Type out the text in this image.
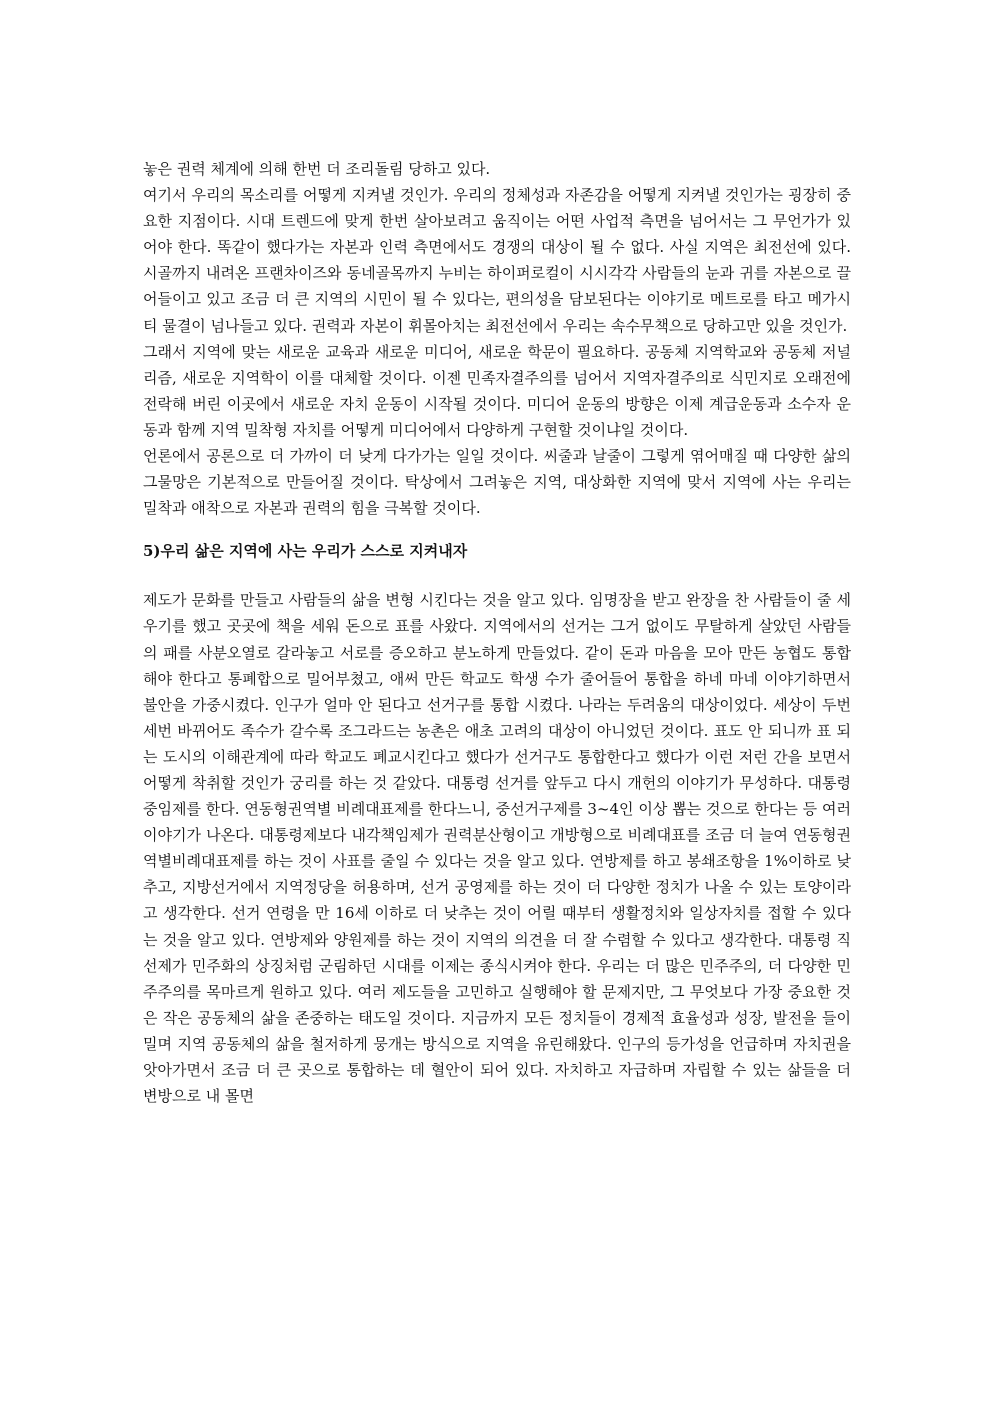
놓은 권력 체계에 의해 한번 더 조리돌림 당하고 있다.

여기서 우리의 목소리를 어떻게 지켜낼 것인가. 우리의 정체성과 자존감을 어떻게 지켜낼 것인가는 굉장히 중요한 지점이다. 시대 트렌드에 맞게 한번 살아보려고 움직이는 어떤 사업적 측면을 넘어서는 그 무언가가 있어야 한다. 똑같이 했다가는 자본과 인력 측면에서도 경쟁의 대상이 될 수 없다. 사실 지역은 최전선에 있다. 시골까지 내려온 프랜차이즈와 동네골목까지 누비는 하이퍼로컬이 시시각각 사람들의 눈과 귀를 자본으로 끌어들이고 있고 조금 더 큰 지역의 시민이 될 수 있다는, 편의성을 담보된다는 이야기로 메트로를 타고 메가시티 물결이 넘나들고 있다. 권력과 자본이 휘몰아치는 최전선에서 우리는 속수무책으로 당하고만 있을 것인가.

그래서 지역에 맞는 새로운 교육과 새로운 미디어, 새로운 학문이 필요하다. 공동체 지역학교와 공동체 저널리즘, 새로운 지역학이 이를 대체할 것이다. 이젠 민족자결주의를 넘어서 지역자결주의로 식민지로 오래전에 전락해 버린 이곳에서 새로운 자치 운동이 시작될 것이다. 미디어 운동의 방향은 이제 계급운동과 소수자 운동과 함께 지역 밀착형 자치를 어떻게 미디어에서 다양하게 구현할 것이냐일 것이다.

언론에서 공론으로 더 가까이 더 낮게 다가가는 일일 것이다. 씨줄과 날줄이 그렇게 엮어매질 때 다양한 삶의 그물망은 기본적으로 만들어질 것이다. 탁상에서 그려놓은 지역, 대상화한 지역에 맞서 지역에 사는 우리는 밀착과 애착으로 자본과 권력의 힘을 극복할 것이다.

5)우리 삶은 지역에 사는 우리가 스스로 지켜내자

제도가 문화를 만들고 사람들의 삶을 변형 시킨다는 것을 알고 있다. 임명장을 받고 완장을 찬 사람들이 줄 세우기를 했고 곳곳에 책을 세워 돈으로 표를 사왔다. 지역에서의 선거는 그거 없이도 무탈하게 살았던 사람들의 패를 사분오열로 갈라놓고 서로를 증오하고 분노하게 만들었다. 같이 돈과 마음을 모아 만든 농협도 통합해야 한다고 통폐합으로 밀어부쳤고, 애써 만든 학교도 학생 수가 줄어들어 통합을 하네 마네 이야기하면서 불안을 가중시켰다. 인구가 얼마 안 된다고 선거구를 통합 시켰다. 나라는 두려움의 대상이었다. 세상이 두번 세번 바뀌어도 족수가 갈수록 조그라드는 농촌은 애초 고려의 대상이 아니었던 것이다. 표도 안 되니까 표 되는 도시의 이해관계에 따라 학교도 폐교시킨다고 했다가 선거구도 통합한다고 했다가 이런 저런 간을 보면서 어떻게 착취할 것인가 궁리를 하는 것 같았다. 대통령 선거를 앞두고 다시 개헌의 이야기가 무성하다. 대통령 중임제를 한다. 연동형권역별 비례대표제를 한다느니, 중선거구제를 3~4인 이상 뽑는 것으로 한다는 등 여러 이야기가 나온다. 대통령제보다 내각책임제가 권력분산형이고 개방형으로 비례대표를 조금 더 늘여 연동형권역별비례대표제를 하는 것이 사표를 줄일 수 있다는 것을 알고 있다. 연방제를 하고 봉쇄조항을 1%이하로 낮추고, 지방선거에서 지역정당을 허용하며, 선거 공영제를 하는 것이 더 다양한 정치가 나올 수 있는 토양이라고 생각한다. 선거 연령을 만 16세 이하로 더 낮추는 것이 어릴 때부터 생활정치와 일상자치를 접할 수 있다는 것을 알고 있다. 연방제와 양원제를 하는 것이 지역의 의견을 더 잘 수렴할 수 있다고 생각한다. 대통령 직선제가 민주화의 상징처럼 군림하던 시대를 이제는 종식시켜야 한다. 우리는 더 많은 민주주의, 더 다양한 민주주의를 목마르게 원하고 있다. 여러 제도들을 고민하고 실행해야 할 문제지만, 그 무엇보다 가장 중요한 것은 작은 공동체의 삶을 존중하는 태도일 것이다. 지금까지 모든 정치들이 경제적 효율성과 성장, 발전을 들이밀며 지역 공동체의 삶을 철저하게 뭉개는 방식으로 지역을 유린해왔다. 인구의 등가성을 언급하며 자치권을 앗아가면서 조금 더 큰 곳으로 통합하는 데 혈안이 되어 있다. 자치하고 자급하며 자립할 수 있는 삶들을 더 변방으로 내 몰면
